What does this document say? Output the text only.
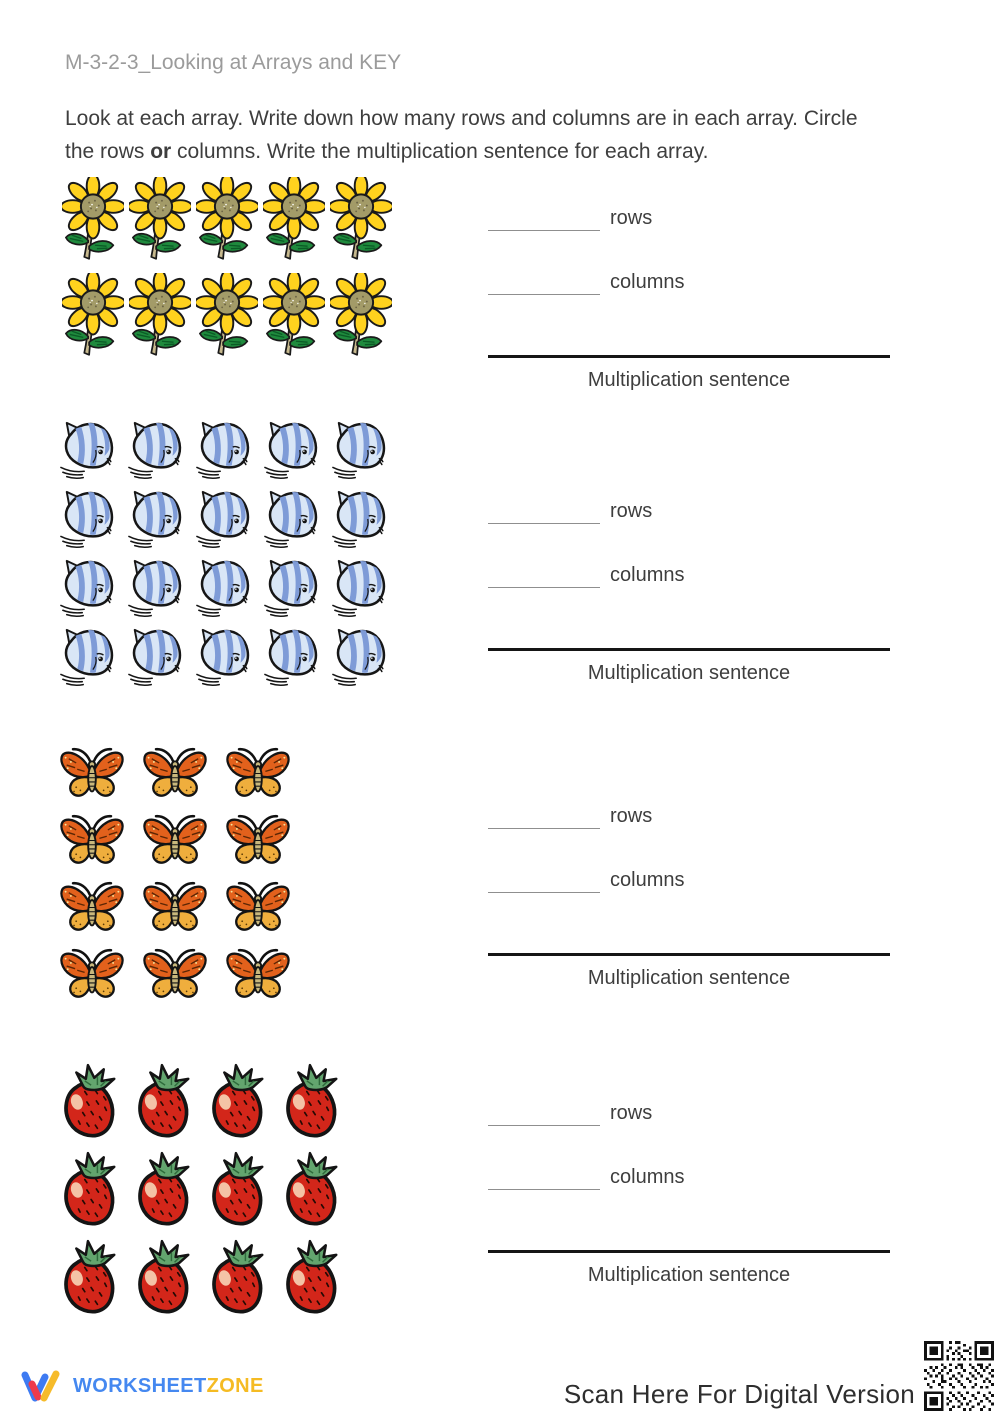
M-3-2-3_Looking at Arrays and KEY
Look at each array. Write down how many rows and columns are in each array. Circle
the rows or columns. Write the multiplication sentence for each array.
rows
columns
Multiplication sentence
rows
columns
Multiplication sentence
rows
columns
Multiplication sentence
rows
columns
Multiplication sentence
WORKSHEETZONE	Scan Here For Digital Version
